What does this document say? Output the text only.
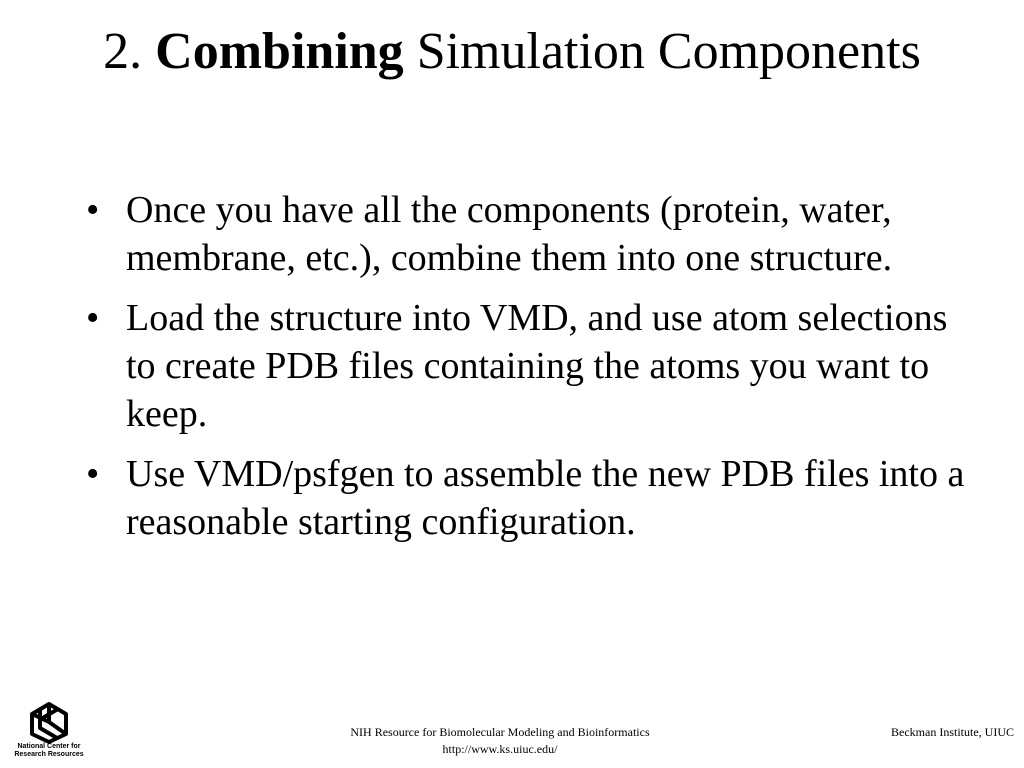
2. Combining Simulation Components
• Once you have all the components (protein, water, membrane, etc.), combine them into one structure.
• Load the structure into VMD, and use atom selections to create PDB files containing the atoms you want to keep.
• Use VMD/psfgen to assemble the new PDB files into a reasonable starting configuration.
National Center for
Research Resources
NIH Resource for Biomolecular Modeling and Bioinformatics
http://www.ks.uiuc.edu/
Beckman Institute, UIUC
